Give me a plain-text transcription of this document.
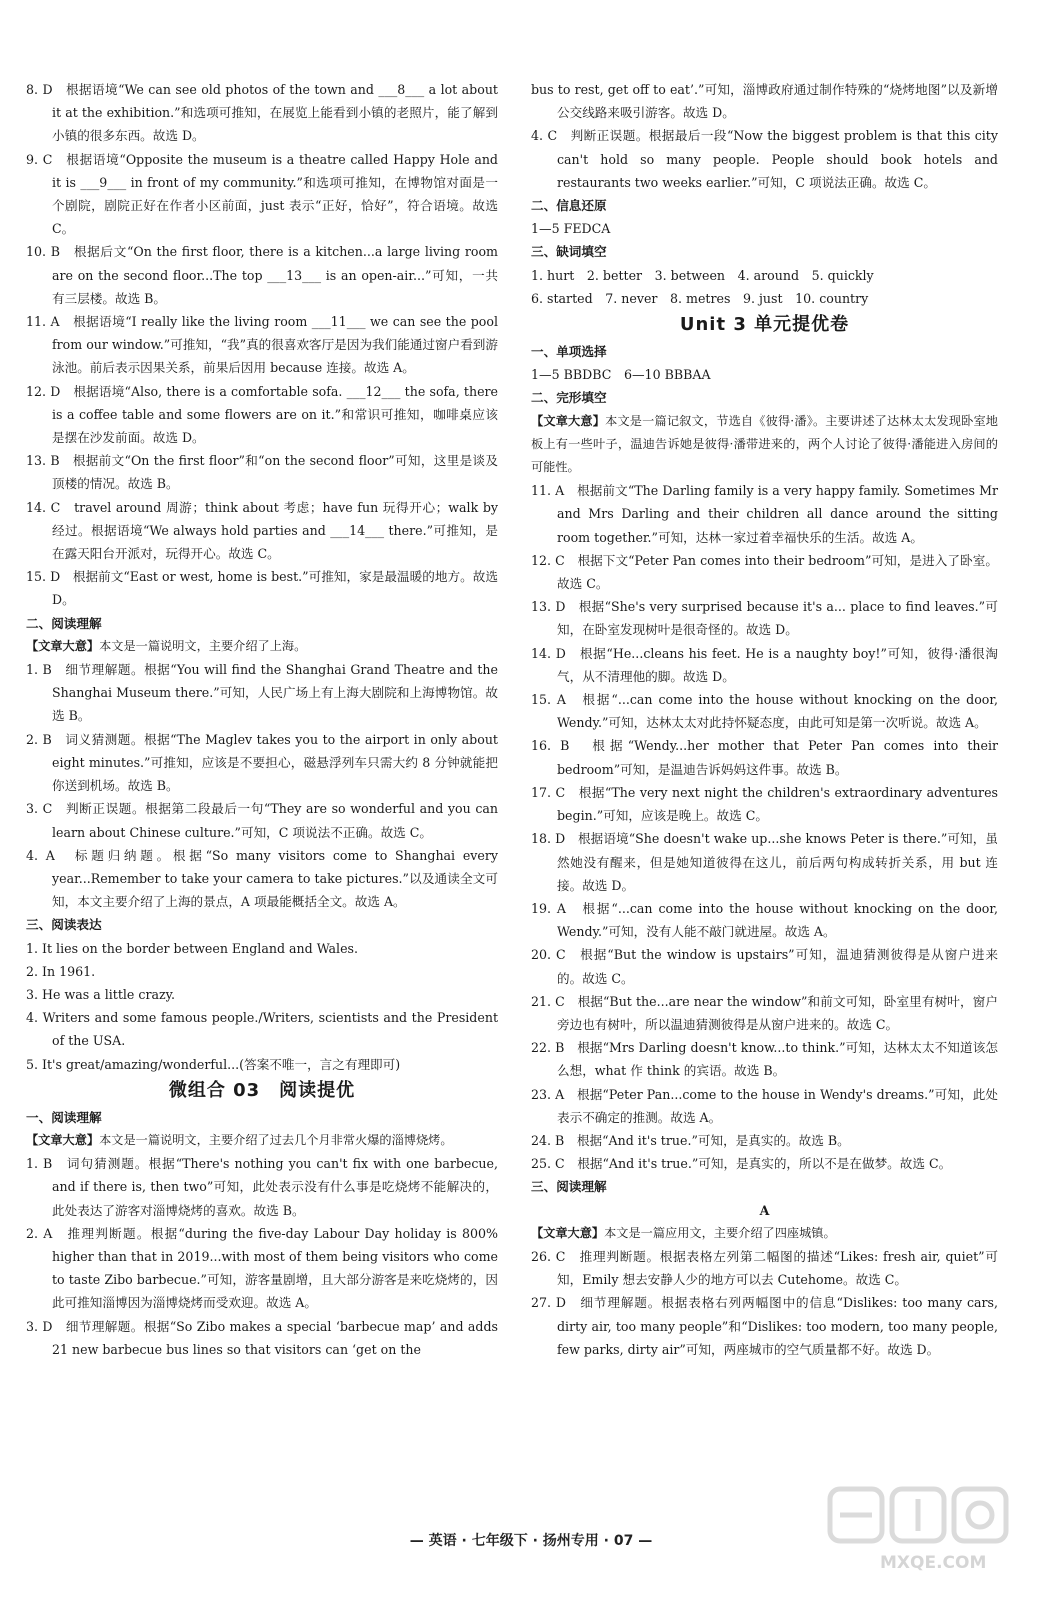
8. D　根据语境“We can see old photos of the town and ___8___ a lot about it at the exhibition.”和选项可推知，在展览上能看到小镇的老照片，能了解到小镇的很多东西。故选 D。

9. C　根据语境“Opposite the museum is a theatre called Happy Hole and it is ___9___ in front of my community.”和选项可推知，在博物馆对面是一个剧院，剧院正好在作者小区前面，just 表示“正好，恰好”，符合语境。故选 C。

10. B　根据后文“On the first floor, there is a kitchen...a large living room are on the second floor...The top ___13___ is an open-air...”可知，一共有三层楼。故选 B。

11. A　根据语境“I really like the living room ___11___ we can see the pool from our window.”可推知，“我”真的很喜欢客厅是因为我们能通过窗户看到游泳池。前后表示因果关系，前果后因用 because 连接。故选 A。

12. D　根据语境“Also, there is a comfortable sofa. ___12___ the sofa, there is a coffee table and some flowers are on it.”和常识可推知，咖啡桌应该是摆在沙发前面。故选 D。

13. B　根据前文“On the first floor”和“on the second floor”可知，这里是谈及顶楼的情况。故选 B。

14. C　travel around 周游；think about 考虑；have fun 玩得开心；walk by 经过。根据语境“We always hold parties and ___14___ there.”可推知，是在露天阳台开派对，玩得开心。故选 C。

15. D　根据前文“East or west, home is best.”可推知，家是最温暖的地方。故选 D。

二、阅读理解

【文章大意】本文是一篇说明文，主要介绍了上海。

1. B　细节理解题。根据“You will find the Shanghai Grand Theatre and the Shanghai Museum there.”可知，人民广场上有上海大剧院和上海博物馆。故选 B。

2. B　词义猜测题。根据“The Maglev takes you to the airport in only about eight minutes.”可推知，应该是不要担心，磁悬浮列车只需大约 8 分钟就能把你送到机场。故选 B。

3. C　判断正误题。根据第二段最后一句“They are so wonderful and you can learn about Chinese culture.”可知，C 项说法不正确。故选 C。

4. A　标题归纳题。根据“So many visitors come to Shanghai every year...Remember to take your camera to take pictures.”以及通读全文可知，本文主要介绍了上海的景点，A 项最能概括全文。故选 A。

三、阅读表达

1. It lies on the border between England and Wales.

2. In 1961.

3. He was a little crazy.

4. Writers and some famous people./Writers, scientists and the President of the USA.

5. It's great/amazing/wonderful...(答案不唯一，言之有理即可)

微组合 03　阅读提优

一、阅读理解

【文章大意】本文是一篇说明文，主要介绍了过去几个月非常火爆的淄博烧烤。

1. B　词句猜测题。根据“There's nothing you can't fix with one barbecue, and if there is, then two”可知，此处表示没有什么事是吃烧烤不能解决的，此处表达了游客对淄博烧烤的喜欢。故选 B。

2. A　推理判断题。根据“during the five-day Labour Day holiday is 800% higher than that in 2019...with most of them being visitors who come to taste Zibo barbecue.”可知，游客量剧增，且大部分游客是来吃烧烤的，因此可推知淄博因为淄博烧烤而受欢迎。故选 A。

3. D　细节理解题。根据“So Zibo makes a special ‘barbecue map’ and adds 21 new barbecue bus lines so that visitors can ‘get on the

bus to rest, get off to eat’.”可知，淄博政府通过制作特殊的“烧烤地图”以及新增公交线路来吸引游客。故选 D。

4. C　判断正误题。根据最后一段“Now the biggest problem is that this city can't hold so many people. People should book hotels and restaurants two weeks earlier.”可知，C 项说法正确。故选 C。

二、信息还原

1—5 FEDCA

三、缺词填空

1. hurt　2. better　3. between　4. around　5. quickly

6. started　7. never　8. metres　9. just　10. country

Unit 3 单元提优卷

一、单项选择

1—5 BBDBC　6—10 BBBAA

二、完形填空

【文章大意】本文是一篇记叙文，节选自《彼得·潘》。主要讲述了达林太太发现卧室地板上有一些叶子，温迪告诉她是彼得·潘带进来的，两个人讨论了彼得·潘能进入房间的可能性。

11. A　根据前文“The Darling family is a very happy family. Sometimes Mr and Mrs Darling and their children all dance around the sitting room together.”可知，达林一家过着幸福快乐的生活。故选 A。

12. C　根据下文“Peter Pan comes into their bedroom”可知，是进入了卧室。故选 C。

13. D　根据“She's very surprised because it's a... place to find leaves.”可知，在卧室发现树叶是很奇怪的。故选 D。

14. D　根据“He...cleans his feet. He is a naughty boy!”可知，彼得·潘很淘气，从不清理他的脚。故选 D。

15. A　根据“...can come into the house without knocking on the door, Wendy.”可知，达林太太对此持怀疑态度，由此可知是第一次听说。故选 A。

16. B　根据“Wendy...her mother that Peter Pan comes into their bedroom”可知，是温迪告诉妈妈这件事。故选 B。

17. C　根据“The very next night the children's extraordinary adventures begin.”可知，应该是晚上。故选 C。

18. D　根据语境“She doesn't wake up...she knows Peter is there.”可知，虽然她没有醒来，但是她知道彼得在这儿，前后两句构成转折关系，用 but 连接。故选 D。

19. A　根据“...can come into the house without knocking on the door, Wendy.”可知，没有人能不敲门就进屋。故选 A。

20. C　根据“But the window is upstairs”可知，温迪猜测彼得是从窗户进来的。故选 C。

21. C　根据“But the...are near the window”和前文可知，卧室里有树叶，窗户旁边也有树叶，所以温迪猜测彼得是从窗户进来的。故选 C。

22. B　根据“Mrs Darling doesn't know...to think.”可知，达林太太不知道该怎么想，what 作 think 的宾语。故选 B。

23. A　根据“Peter Pan...come to the house in Wendy's dreams.”可知，此处表示不确定的推测。故选 A。

24. B　根据“And it's true.”可知，是真实的。故选 B。

25. C　根据“And it's true.”可知，是真实的，所以不是在做梦。故选 C。

三、阅读理解

A

【文章大意】本文是一篇应用文，主要介绍了四座城镇。

26. C　推理判断题。根据表格左列第二幅图的描述“Likes: fresh air, quiet”可知，Emily 想去安静人少的地方可以去 Cutehome。故选 C。

27. D　细节理解题。根据表格右列两幅图中的信息“Dislikes: too many cars, dirty air, too many people”和“Dislikes: too modern, too many people, few parks, dirty air”可知，两座城市的空气质量都不好。故选 D。

— 英语 · 七年级下 · 扬州专用 · 07 —
MXQE.COM
